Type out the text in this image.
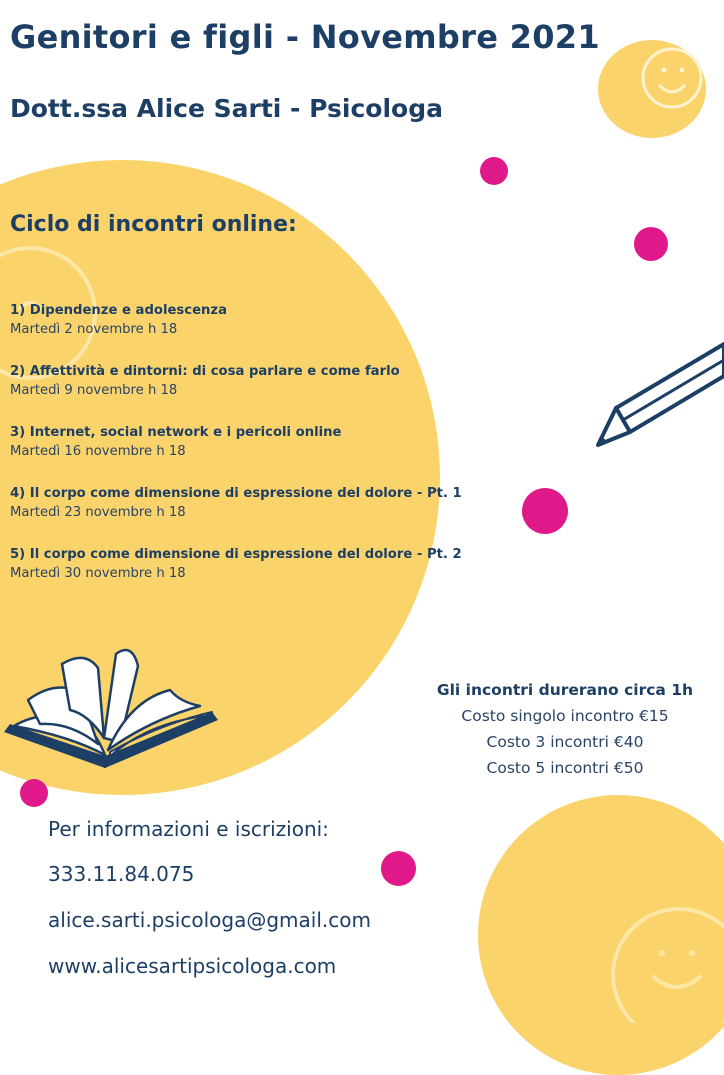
Genitori e figli - Novembre 2021
Dott.ssa Alice Sarti - Psicologa
Ciclo di incontri online:
1) Dipendenze e adolescenza
Martedì 2 novembre h 18
2) Affettività e dintorni: di cosa parlare e come farlo
Martedì 9 novembre h 18
3) Internet, social network e i pericoli online
Martedì 16 novembre h 18
4) Il corpo come dimensione di espressione del dolore - Pt. 1
Martedì 23 novembre h 18
5) Il corpo come dimensione di espressione del dolore - Pt. 2
Martedì 30 novembre h 18
Gli incontri durerano circa 1h
Costo singolo incontro €15
Costo 3 incontri €40
Costo 5 incontri €50
Per informazioni e iscrizioni:
333.11.84.075
alice.sarti.psicologa@gmail.com
www.alicesartipsicologa.com
